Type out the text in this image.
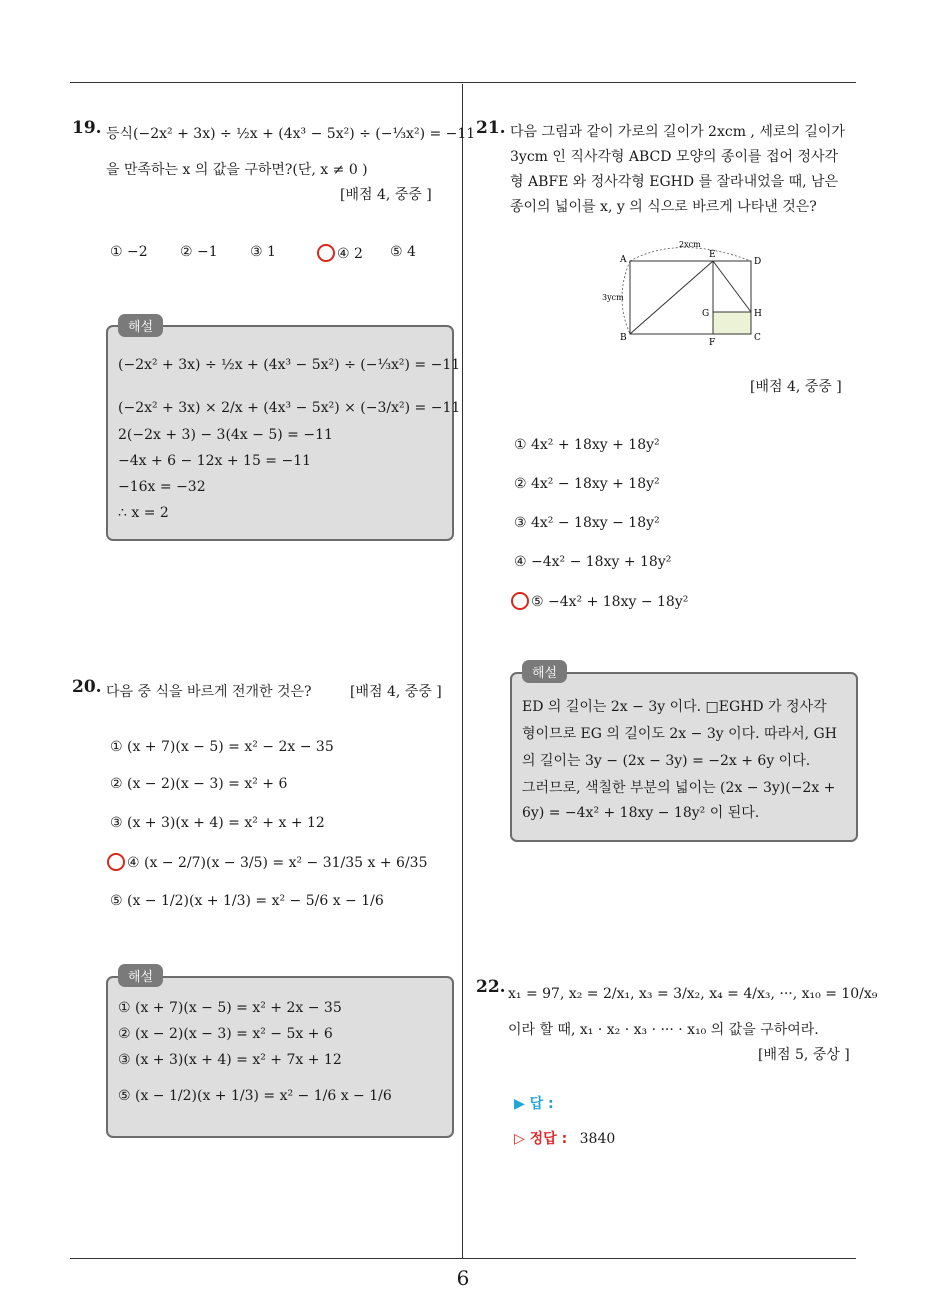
19. 등식(−2x² + 3x) ÷ ½x + (4x³ − 5x²) ÷ (−⅓x²) = −11
을 만족하는 x 의 값을 구하면?(단, x ≠ 0 )
[배점 4, 중중 ]
① −2 ② −1 ③ 1	④ 2 ⑤ 4
(−2x² + 3x) ÷ ½x + (4x³ − 5x²) ÷ (−⅓x²) = −11
(−2x² + 3x) × 2/x + (4x³ − 5x²) × (−3/x²) = −11
2(−2x + 3) − 3(4x − 5) = −11
−4x + 6 − 12x + 15 = −11
−16x = −32
∴ x = 2
해설
20. 다음 중 식을 바르게 전개한 것은?	[배점 4, 중중 ]
① (x + 7)(x − 5) = x² − 2x − 35
② (x − 2)(x − 3) = x² + 6
③ (x + 3)(x + 4) = x² + x + 12
④ (x − 2/7)(x − 3/5) = x² − 31/35 x + 6/35
⑤ (x − 1/2)(x + 1/3) = x² − 5/6 x − 1/6
① (x + 7)(x − 5) = x² + 2x − 35
② (x − 2)(x − 3) = x² − 5x + 6
③ (x + 3)(x + 4) = x² + 7x + 12
⑤ (x − 1/2)(x + 1/3) = x² − 1/6 x − 1/6
해설
21. 다음 그림과 같이 가로의 길이가 2xcm , 세로의 길이가
3ycm 인 직사각형 ABCD 모양의 종이를 접어 정사각
형 ABFE 와 정사각형 EGHD 를 잘라내었을 때, 남은
종이의 넓이를 x, y 의 식으로 바르게 나타낸 것은?
2xcm
3ycm
A	E
D
G	H
B	F	C
[배점 4, 중중 ]
① 4x² + 18xy + 18y²
② 4x² − 18xy + 18y²
③ 4x² − 18xy − 18y²
④ −4x² − 18xy + 18y²
⑤ −4x² + 18xy − 18y²
ED 의 길이는 2x − 3y 이다. □EGHD 가 정사각
형이므로 EG 의 길이도 2x − 3y 이다. 따라서, GH
의 길이는 3y − (2x − 3y) = −2x + 6y 이다.
그러므로, 색칠한 부분의 넓이는 (2x − 3y)(−2x +
6y) = −4x² + 18xy − 18y² 이 된다.
해설
22. x₁ = 97, x₂ = 2/x₁, x₃ = 3/x₂, x₄ = 4/x₃, ···, x₁₀ = 10/x₉
이라 할 때, x₁ · x₂ · x₃ · ··· · x₁₀ 의 값을 구하여라.
[배점 5, 중상 ]
▶ 답 :
▷ 정답 : 3840
6
